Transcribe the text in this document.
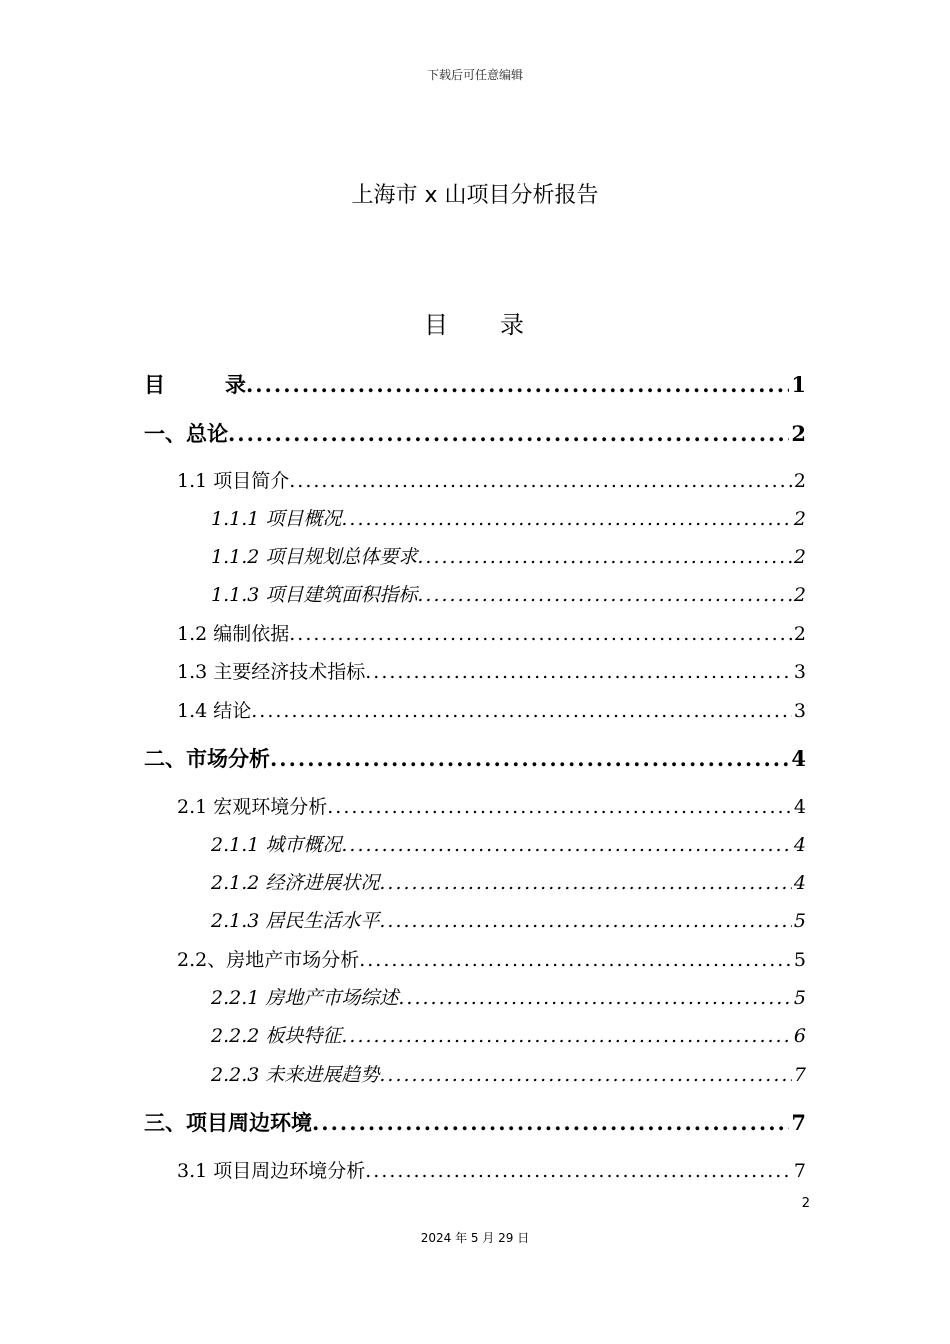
下载后可任意编辑
上海市 x 山项目分析报告
目 录
目	录 .....	1
一、总论 .....	2
1.1 项目简介 .....	2
1.1.1 项目概况 .....	2
1.1.2 项目规划总体要求 .....	2
1.1.3 项目建筑面积指标 .....	2
1.2 编制依据 .....	2
1.3 主要经济技术指标 .....	3
1.4 结论 .....	3
二、市场分析 .....	4
2.1 宏观环境分析 .....	4
2.1.1 城市概况 .....	4
2.1.2 经济进展状况 .....	4
2.1.3 居民生活水平 .....	5
2.2、房地产市场分析 .....	5
2.2.1 房地产市场综述 .....	5
2.2.2 板块特征 .....	6
2.2.3 未来进展趋势 .....	7
三、项目周边环境 .....	7
3.1 项目周边环境分析 .....	7
2
2024 年 5 月 29 日
